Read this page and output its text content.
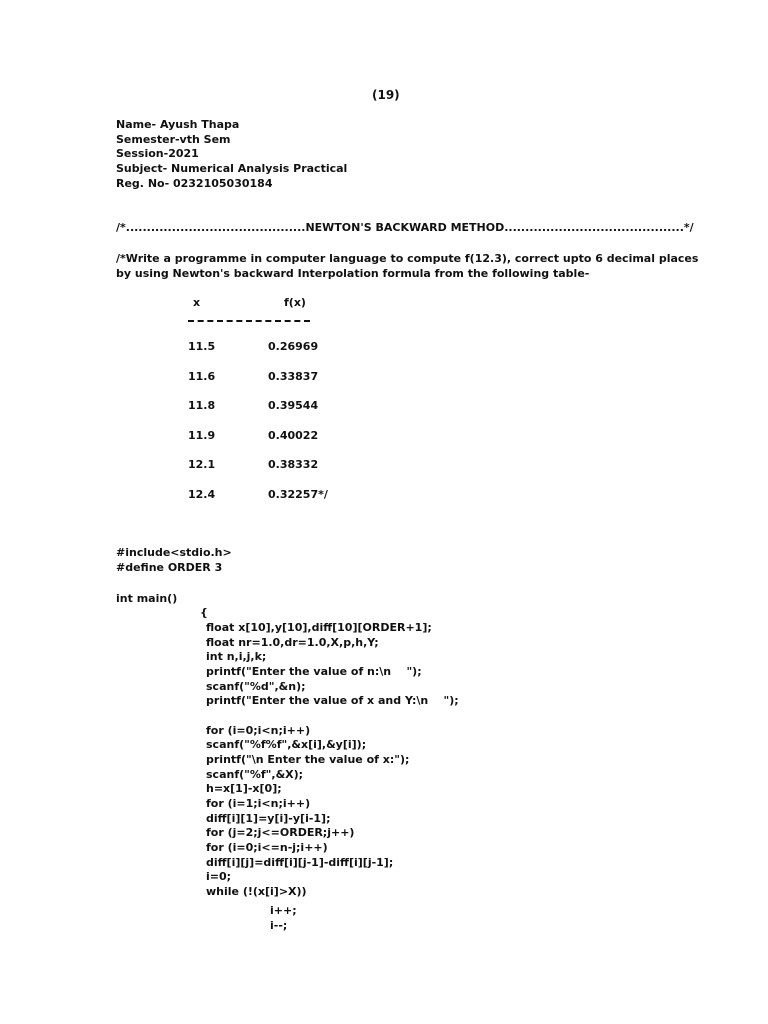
(19)
Name- Ayush Thapa
Semester-vth Sem
Session-2021
Subject- Numerical Analysis Practical
Reg. No- 0232105030184
/*...........................................NEWTON'S BACKWARD METHOD...........................................*/
/*Write a programme in computer language to compute f(12.3), correct upto 6 decimal places
by using Newton's backward Interpolation formula from the following table-
x	f(x)
11.5	0.26969
11.6	0.33837
11.8	0.39544
11.9	0.40022
12.1	0.38332
12.4	0.32257*/
#include<stdio.h>
#define ORDER 3
int main()
{
float x[10],y[10],diff[10][ORDER+1];
float nr=1.0,dr=1.0,X,p,h,Y;
int n,i,j,k;
printf("Enter the value of n:\n    ");
scanf("%d",&n);
printf("Enter the value of x and Y:\n    ");
for (i=0;i<n;i++)
scanf("%f%f",&x[i],&y[i]);
printf("\n Enter the value of x:");
scanf("%f",&X);
h=x[1]-x[0];
for (i=1;i<n;i++)
diff[i][1]=y[i]-y[i-1];
for (j=2;j<=ORDER;j++)
for (i=0;i<=n-j;i++)
diff[i][j]=diff[i][j-1]-diff[i][j-1];
i=0;
while (!(x[i]>X))
i++;
i--;
